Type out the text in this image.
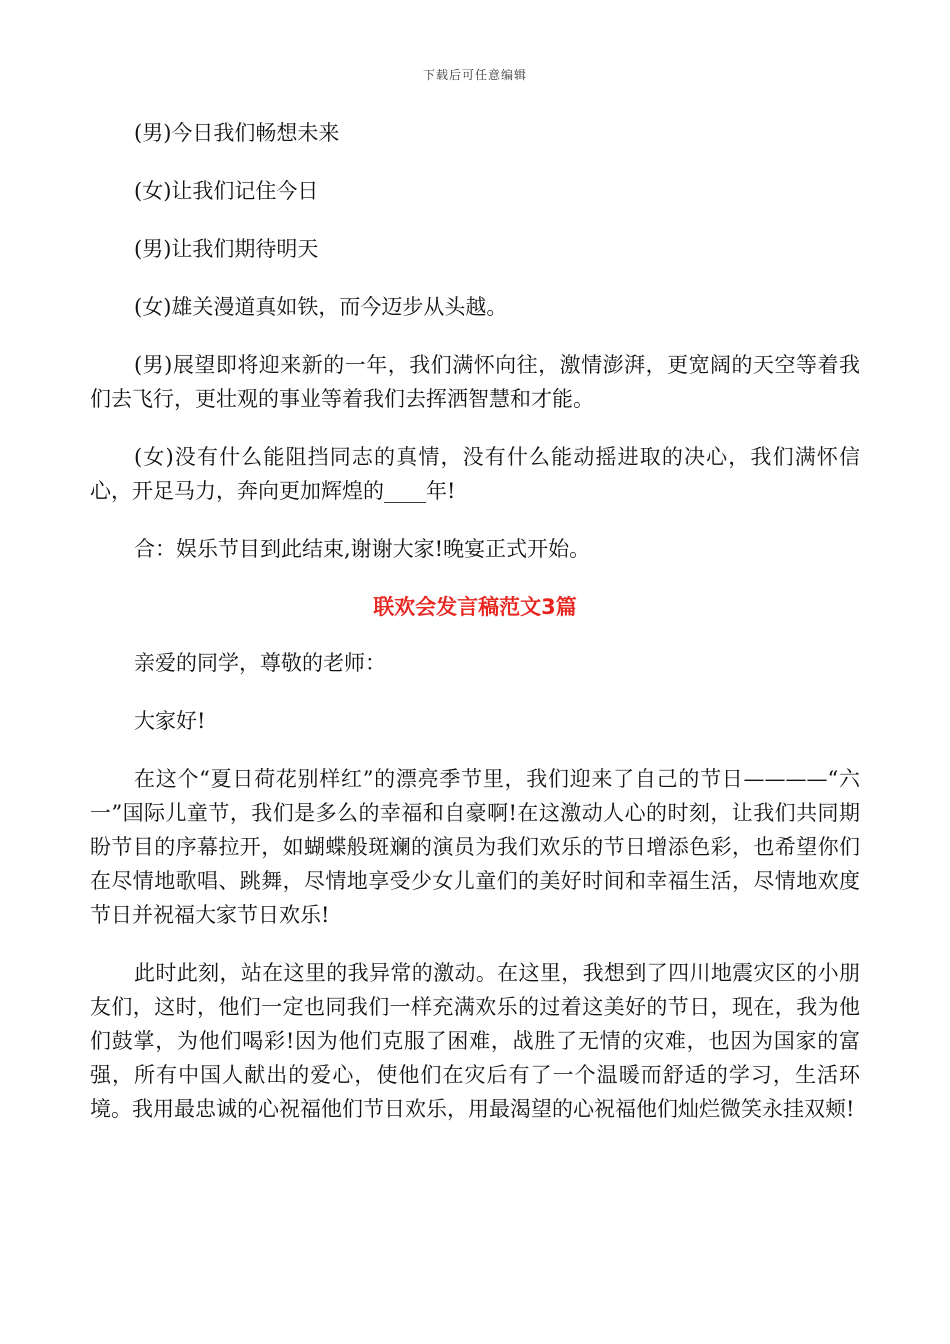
下载后可任意编辑

(男)今日我们畅想未来

(女)让我们记住今日

(男)让我们期待明天

(女)雄关漫道真如铁，而今迈步从头越。

(男)展望即将迎来新的一年，我们满怀向往，激情澎湃，更宽阔的天空等着我们去飞行，更壮观的事业等着我们去挥洒智慧和才能。

(女)没有什么能阻挡同志的真情，没有什么能动摇进取的决心，我们满怀信心，开足马力，奔向更加辉煌的____年!

合：娱乐节目到此结束,谢谢大家!晚宴正式开始。

联欢会发言稿范文3篇

亲爱的同学，尊敬的老师：

大家好!

在这个“夏日荷花别样红”的漂亮季节里，我们迎来了自己的节日————“六一”国际儿童节，我们是多么的幸福和自豪啊!在这激动人心的时刻，让我们共同期盼节目的序幕拉开，如蝴蝶般斑斓的演员为我们欢乐的节日增添色彩，也希望你们在尽情地歌唱、跳舞，尽情地享受少女儿童们的美好时间和幸福生活，尽情地欢度节日并祝福大家节日欢乐!

此时此刻，站在这里的我异常的激动。在这里，我想到了四川地震灾区的小朋友们，这时，他们一定也同我们一样充满欢乐的过着这美好的节日，现在，我为他们鼓掌，为他们喝彩!因为他们克服了困难，战胜了无情的灾难，也因为国家的富强，所有中国人献出的爱心，使他们在灾后有了一个温暖而舒适的学习，生活环境。我用最忠诚的心祝福他们节日欢乐，用最渴望的心祝福他们灿烂微笑永挂双颊!
